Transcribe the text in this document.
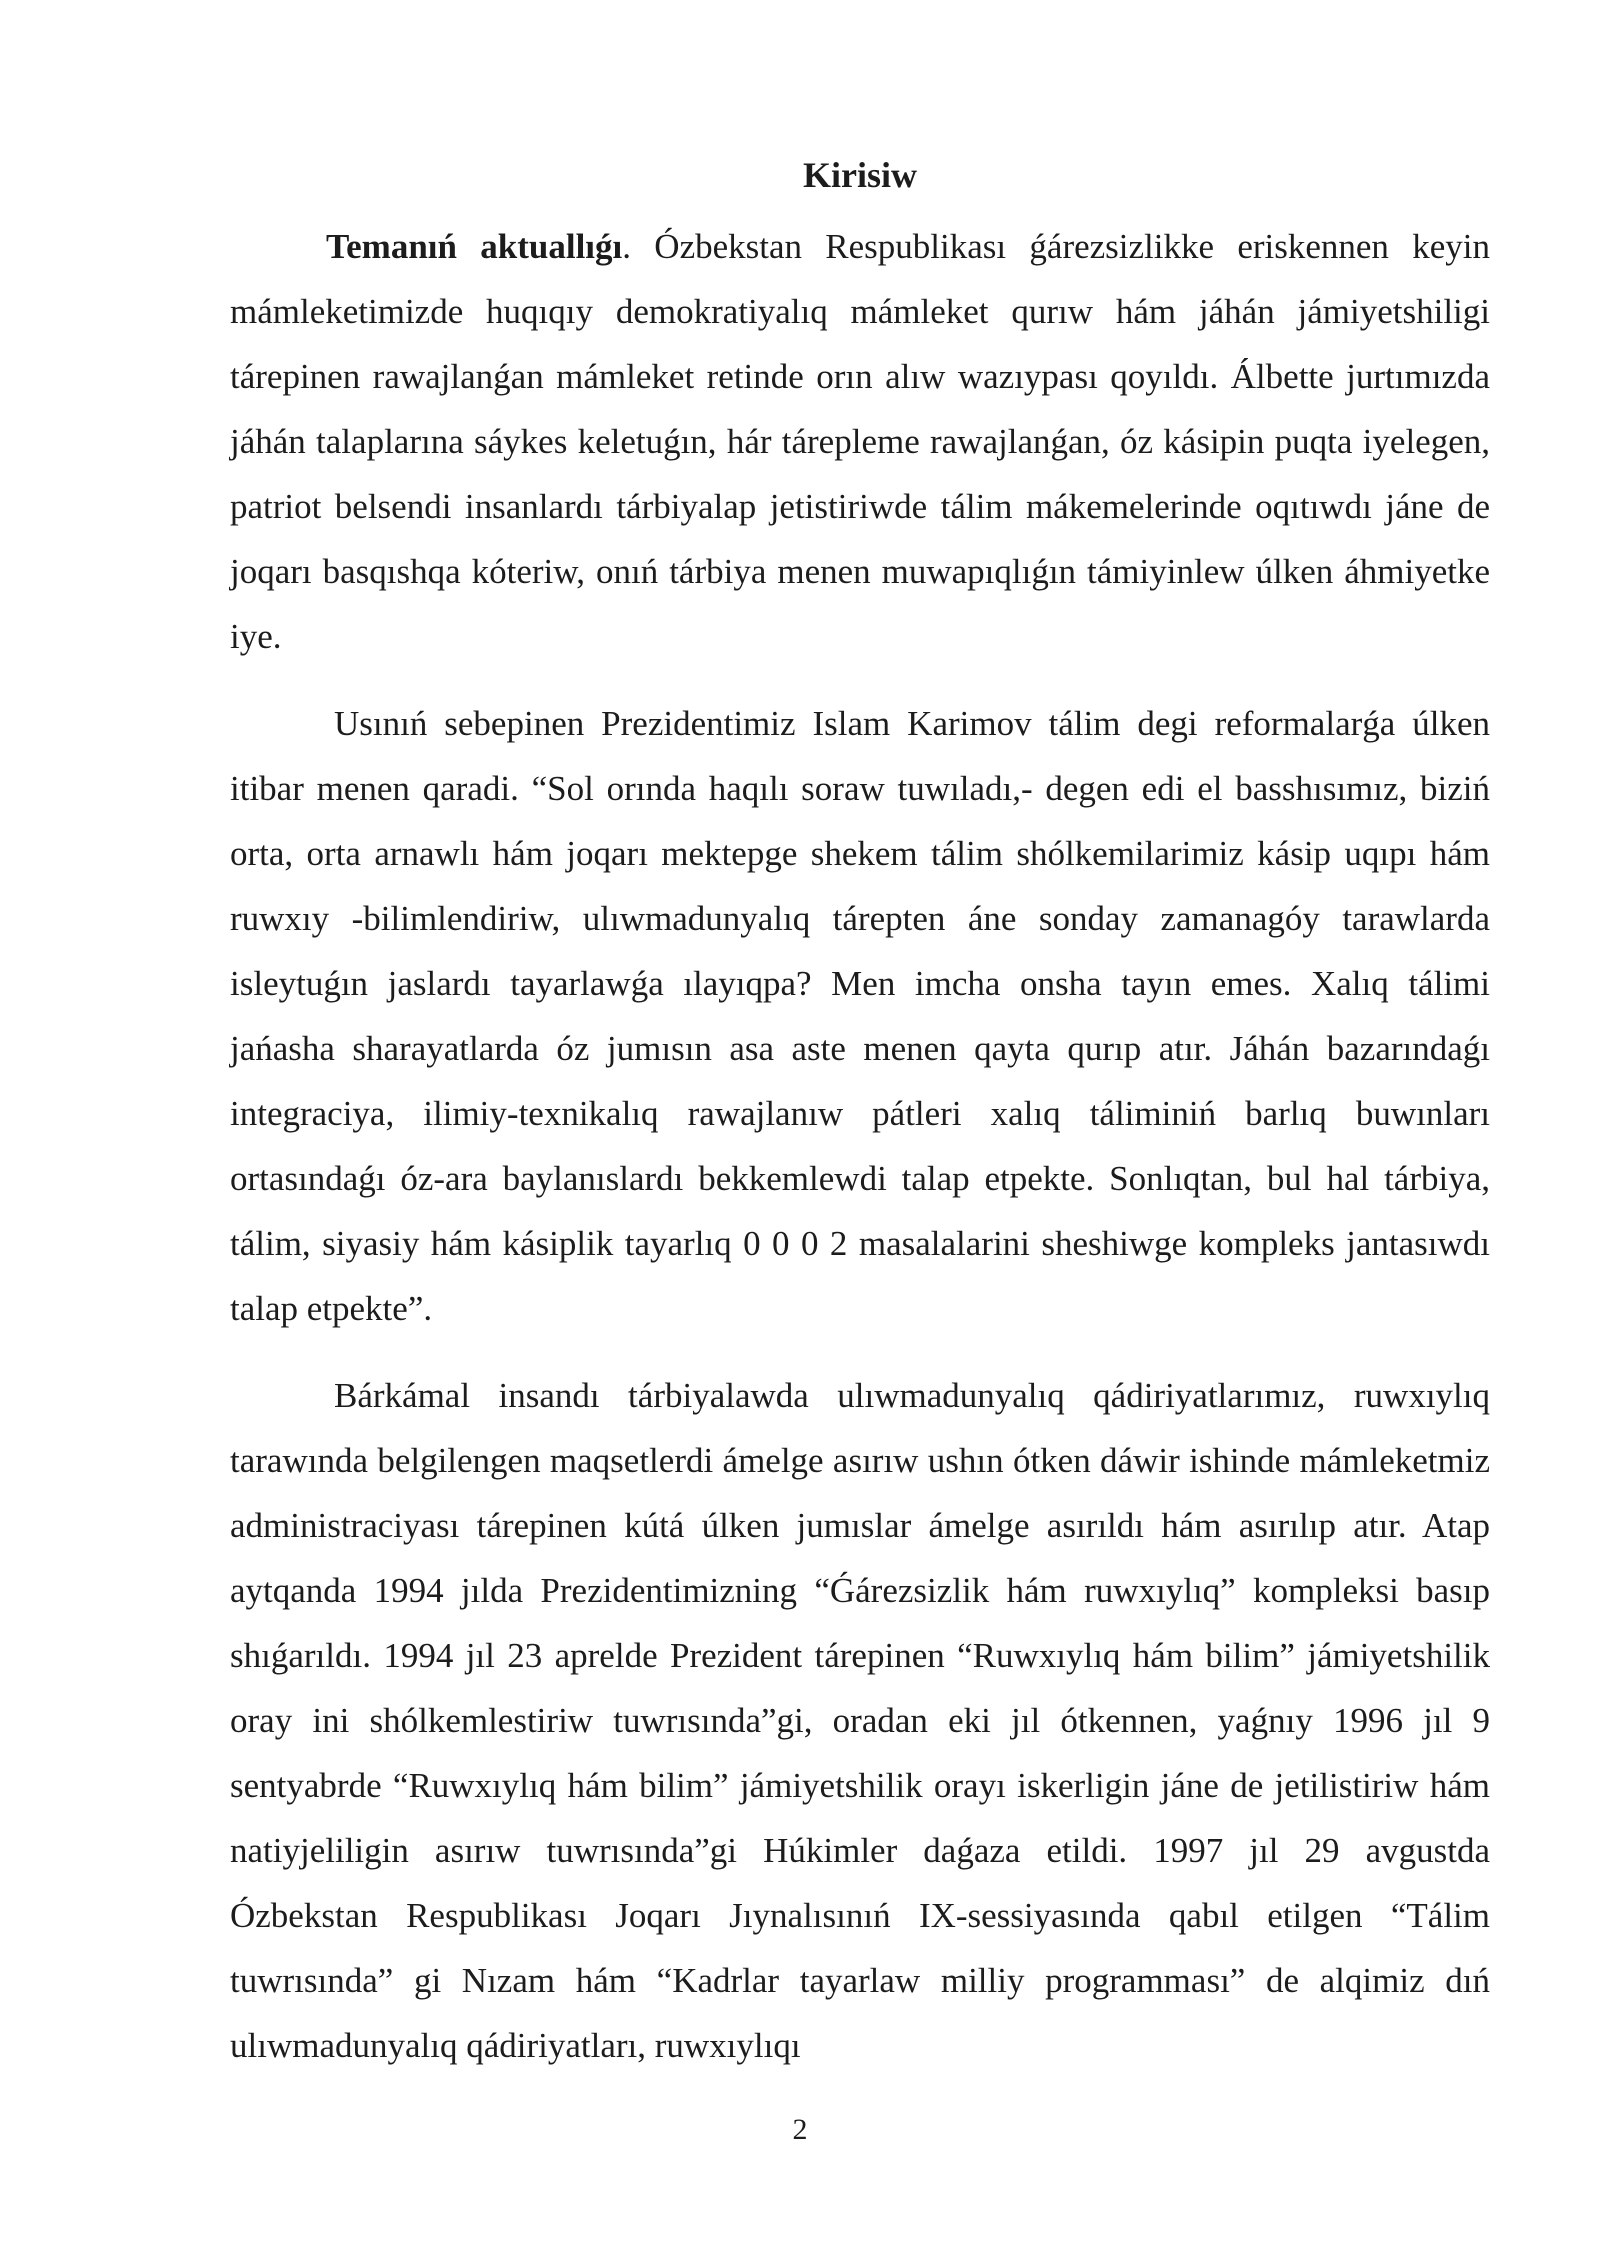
Kirisiw

Temanıń aktuallıǵı. Ózbekstan Respublikası ǵárezsizlikke eriskennen keyin mámleketimizde huqıqıy demokratiyalıq mámleket qurıw hám jáhán jámiyetshiligi tárepinen rawajlanǵan mámleket retinde orın alıw wazıypası qoyıldı. Álbette jurtımızda jáhán talaplarına sáykes keletuǵın, hár tárepleme rawajlanǵan, óz kásipin puqta iyelegen, patriot belsendi insanlardı tárbiyalap jetistiriwde tálim mákemelerinde oqıtıwdı jáne de joqarı basqıshqa kóteriw, onıń tárbiya menen muwapıqlıǵın támiyinlew úlken áhmiyetke iye.

Usınıń sebepinen Prezidentimiz Islam Karimov tálim degi reformalarǵa úlken itibar menen qaradi. “Sol orında haqılı soraw tuwıladı,- degen edi el basshısımız, biziń orta, orta arnawlı hám joqarı mektepge shekem tálim shólkemilarimiz kásip uqıpı hám ruwxıy -bilimlendiriw, ulıwmadunyalıq tárepten áne sonday zamanagóy tarawlarda isleytuǵın jaslardı tayarlawǵa ılayıqpa? Men imcha onsha tayın emes. Xalıq tálimi jańasha sharayatlarda óz jumısın asa aste menen qayta qurıp atır. Jáhán bazarındaǵı integraciya, ilimiy-texnikalıq rawajlanıw pátleri xalıq táliminiń barlıq buwınları ortasındaǵı óz-ara baylanıslardı bekkemlewdi talap etpekte. Sonlıqtan, bul hal tárbiya, tálim, siyasiy hám kásiplik tayarlıq 0 0 0 2 masalalarini sheshiwge kompleks jantasıwdı talap etpekte”.

Bárkámal insandı tárbiyalawda ulıwmadunyalıq qádiriyatlarımız, ruwxıylıq tarawında belgilengen maqsetlerdi ámelge asırıw ushın ótken dáwir ishinde mámleketmiz administraciyası tárepinen kútá úlken jumıslar ámelge asırıldı hám asırılıp atır. Atap aytqanda 1994 jılda Prezidentimizning “Ǵárezsizlik hám ruwxıylıq” kompleksi basıp shıǵarıldı. 1994 jıl 23 aprelde Prezident tárepinen “Ruwxıylıq hám bilim” jámiyetshilik oray ini shólkemlestiriw tuwrısında”gi, oradan eki jıl ótkennen, yaǵnıy 1996 jıl 9 sentyabrde “Ruwxıylıq hám bilim” jámiyetshilik orayı iskerligin jáne de jetilistiriw hám natiyjeliligin asırıw tuwrısında”gi Húkimler daǵaza etildi. 1997 jıl 29 avgustda Ózbekstan Respublikası Joqarı Jıynalısınıń IX-sessiyasında qabıl etilgen “Tálim tuwrısında” gi Nızam hám “Kadrlar tayarlaw milliy programması” de alqimiz dıń ulıwmadunyalıq qádiriyatları, ruwxıylıqı

2
